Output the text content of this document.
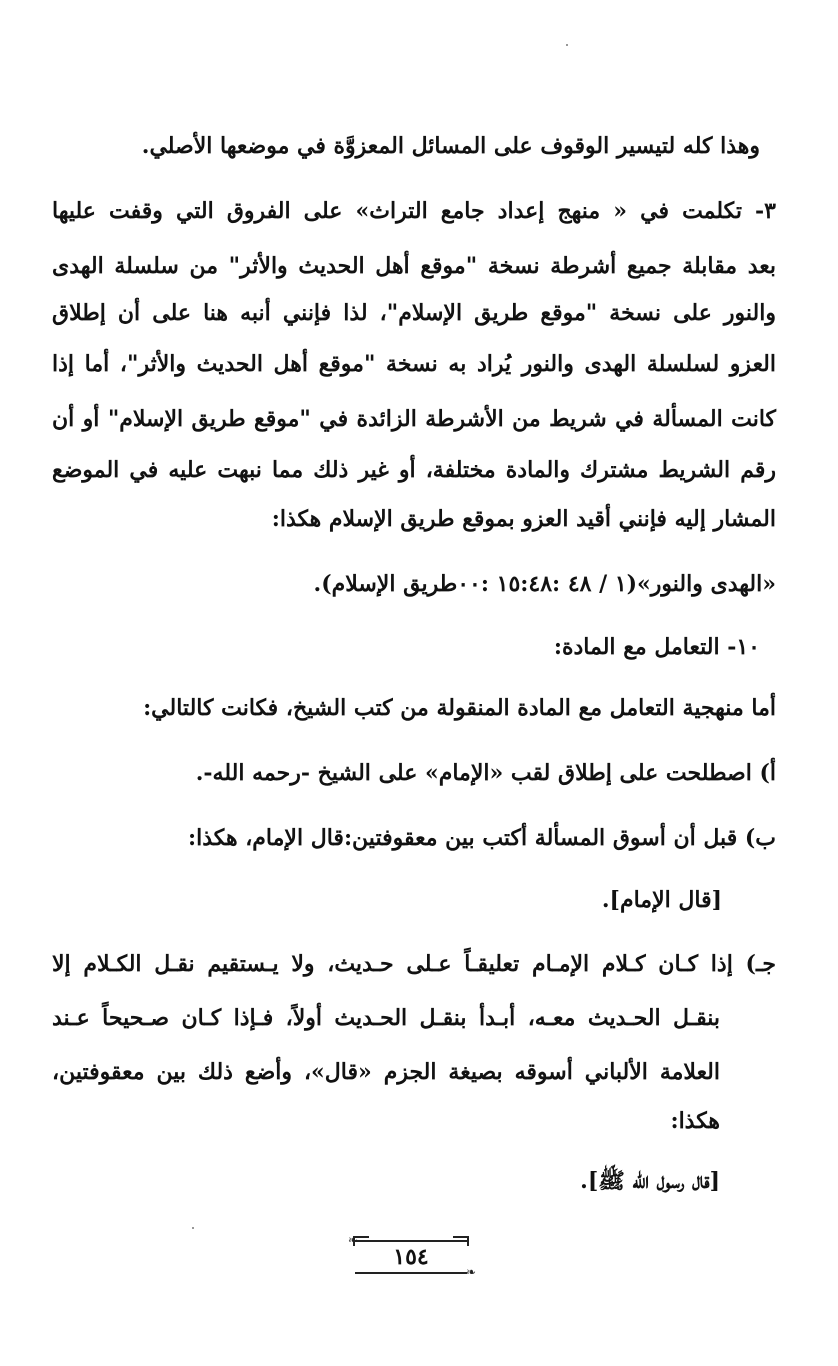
وهذا كله لتيسير الوقوف على المسائل المعزوَّة في موضعها الأصلي.
٣- تكلمت في « منهج إعداد جامع التراث» على الفروق التي وقفت عليها
بعد مقابلة جميع أشرطة نسخة "موقع أهل الحديث والأثر" من سلسلة الهدى
والنور على نسخة "موقع طريق الإسلام"، لذا فإنني أنبه هنا على أن إطلاق
العزو لسلسلة الهدى والنور يُراد به نسخة "موقع أهل الحديث والأثر"، أما إذا
كانت المسألة في شريط من الأشرطة الزائدة في "موقع طريق الإسلام" أو أن
رقم الشريط مشترك والمادة مختلفة، أو غير ذلك مما نبهت عليه في الموضع
المشار إليه فإنني أقيد العزو بموقع طريق الإسلام هكذا:
«الهدى والنور»(١ / ٤٨ :١٥:٤٨ :٠٠طريق الإسلام).
١٠- التعامل مع المادة:
أما منهجية التعامل مع المادة المنقولة من كتب الشيخ، فكانت كالتالي:
أ) اصطلحت على إطلاق لقب «الإمام» على الشيخ -رحمه الله-.
ب) قبل أن أسوق المسألة أكتب بين معقوفتين:قال الإمام، هكذا:
[قال الإمام].
جـ) إذا كـان كـلام الإمـام تعليقـاً عـلى حـديث، ولا يـستقيم نقـل الكـلام إلا
بنقـل الحـديث معـه، أبـدأ بنقـل الحـديث أولاً، فـإذا كـان صـحيحاً عـند
العلامة الألباني أسوقه بصيغة الجزم «قال»، وأضع ذلك بين معقوفتين،
هكذا:
[قال رسول الله ﷺ].
١٥٤
❧
❧
